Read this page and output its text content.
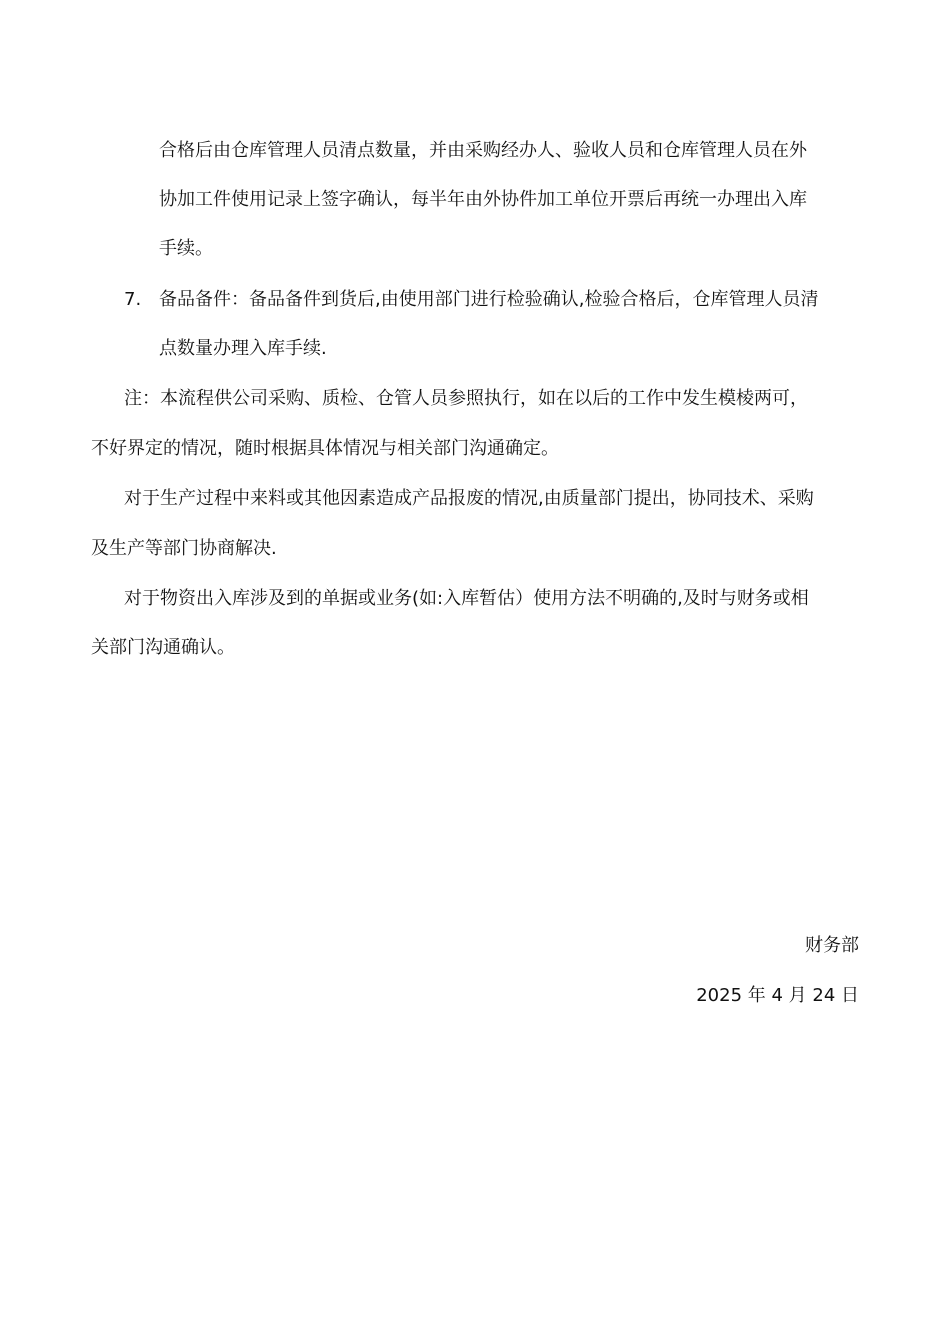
合格后由仓库管理人员清点数量，并由采购经办人、验收人员和仓库管理人员在外

协加工件使用记录上签字确认，每半年由外协件加工单位开票后再统一办理出入库

手续。

7. 备品备件：备品备件到货后,由使用部门进行检验确认,检验合格后，仓库管理人员清

点数量办理入库手续.

注：本流程供公司采购、质检、仓管人员参照执行，如在以后的工作中发生模棱两可，

不好界定的情况，随时根据具体情况与相关部门沟通确定。

对于生产过程中来料或其他因素造成产品报废的情况,由质量部门提出，协同技术、采购

及生产等部门协商解决.

对于物资出入库涉及到的单据或业务(如:入库暂估）使用方法不明确的,及时与财务或相

关部门沟通确认。

财务部
2025 年 4 月 24 日
